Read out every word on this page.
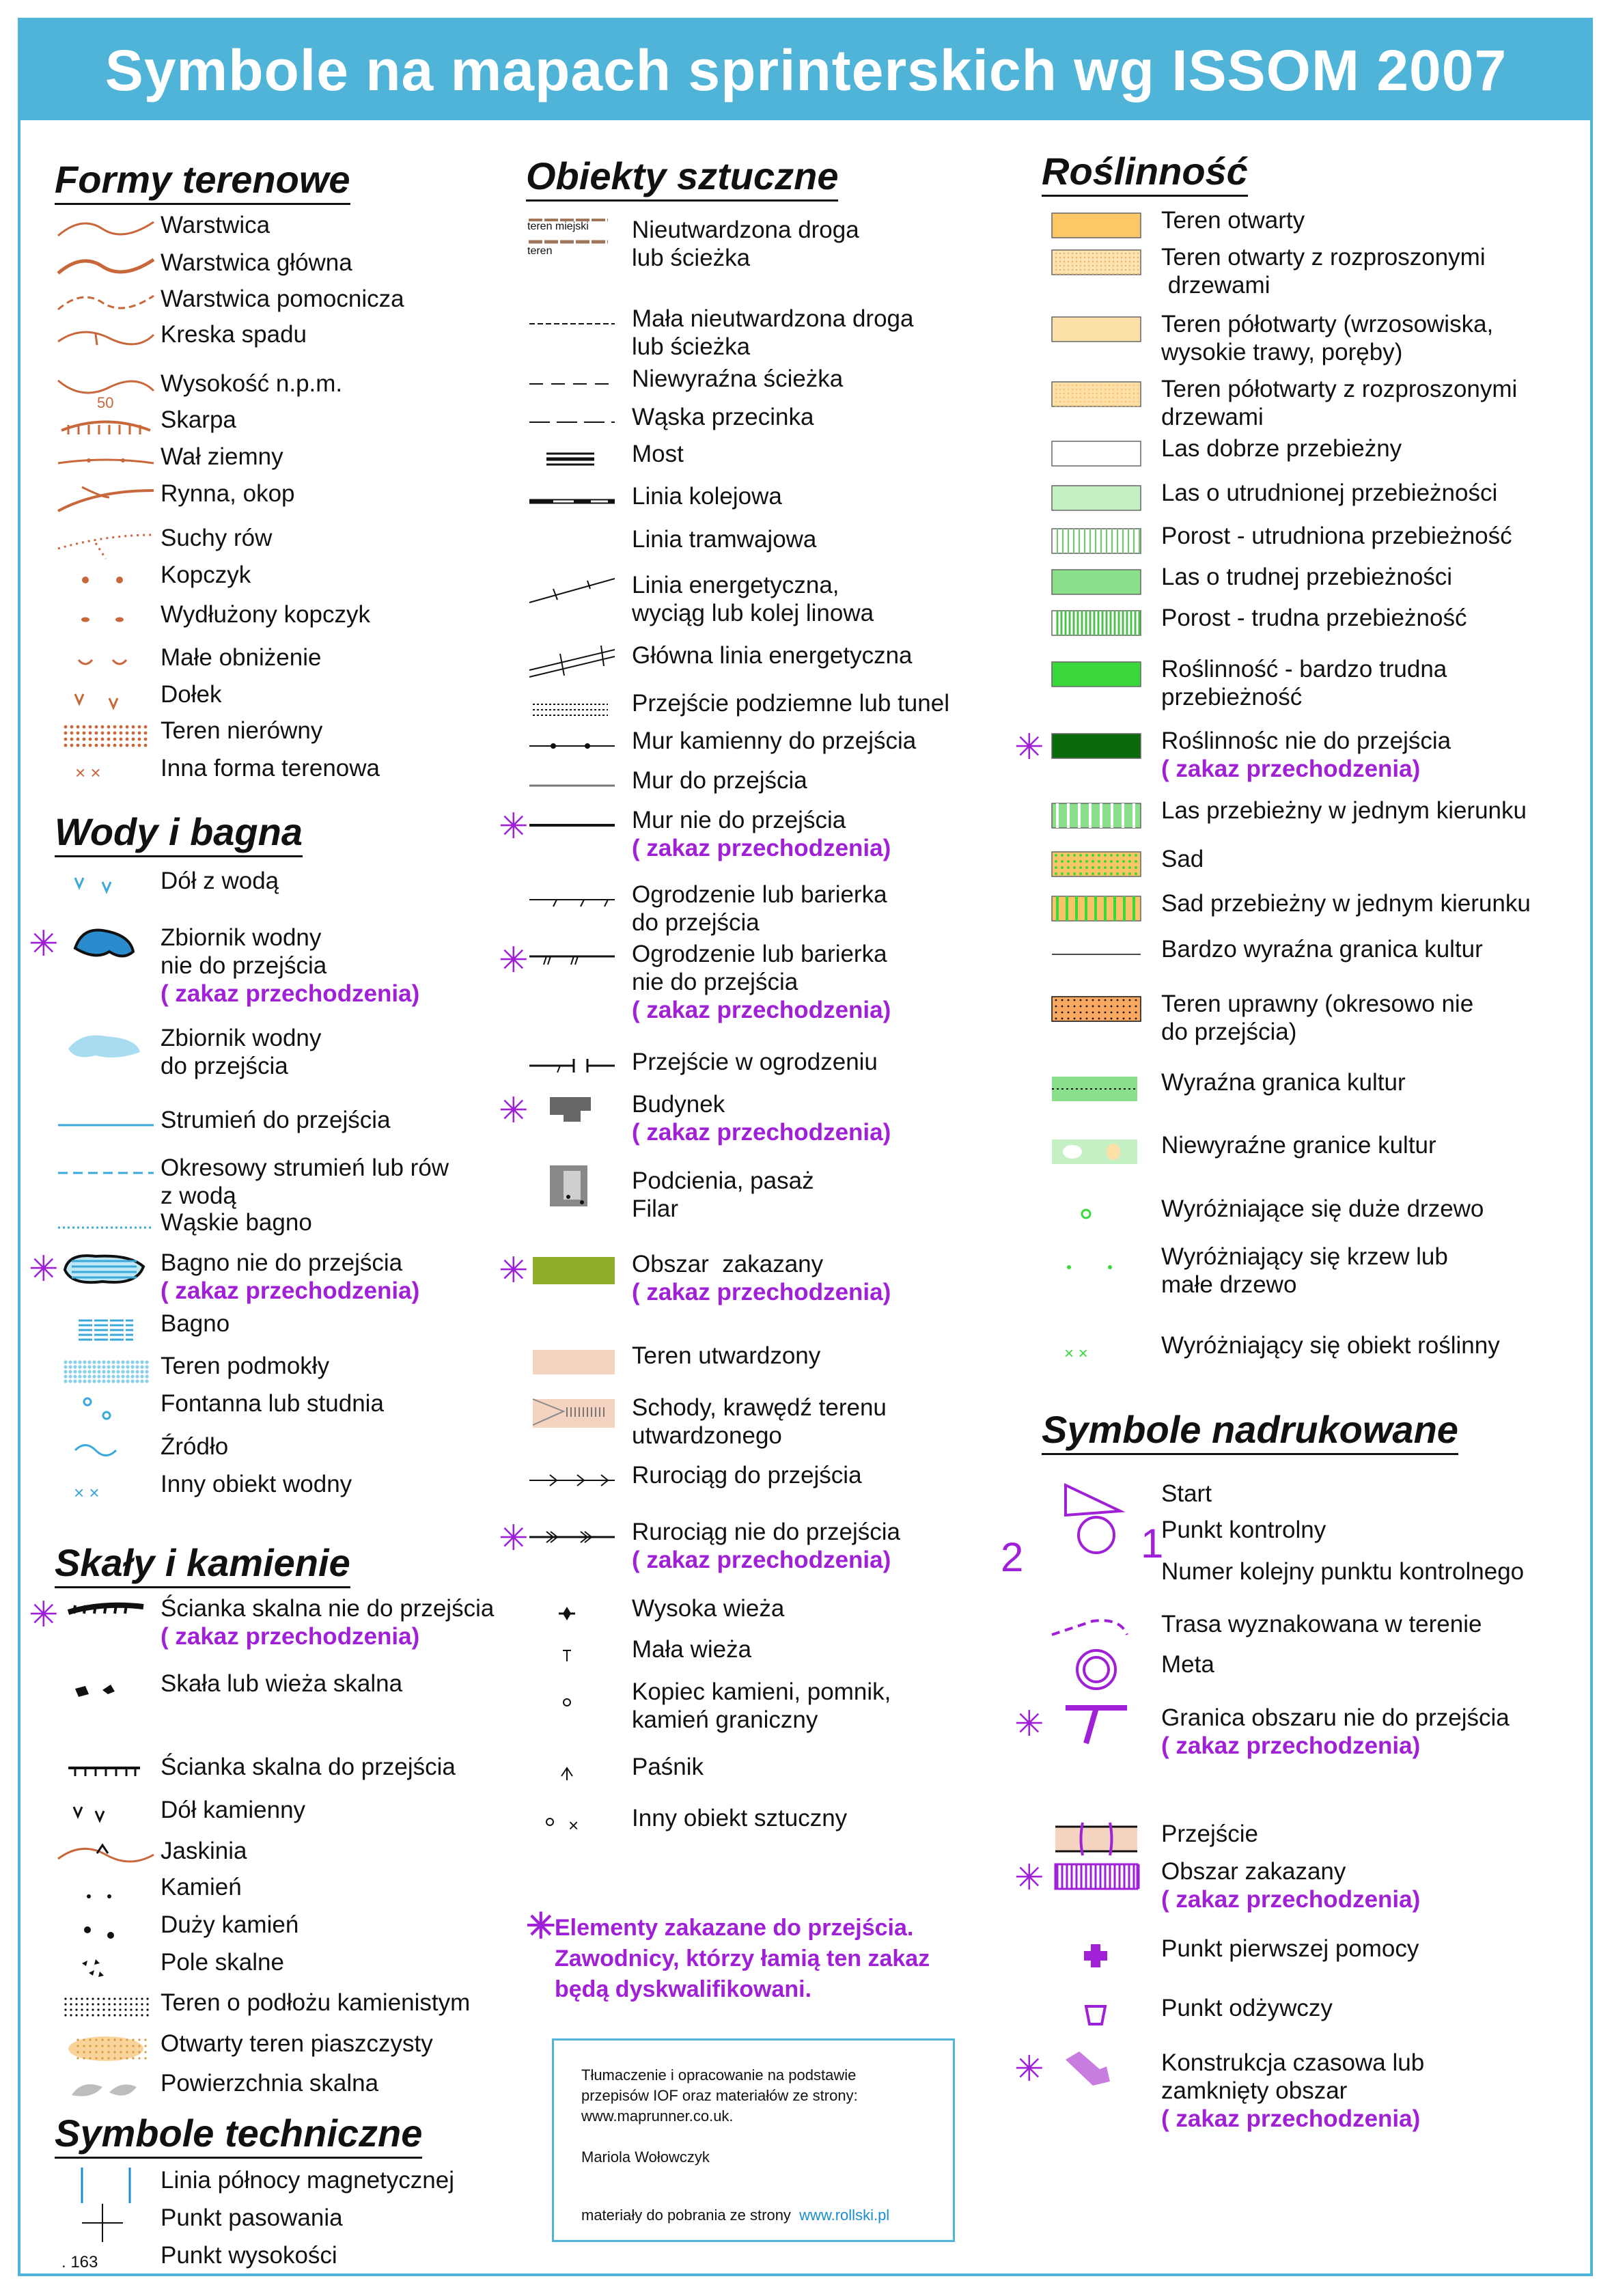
Symbole na mapach sprinterskich wg ISSOM 2007
Formy terenowe
Wody i bagna
Skały i kamienie
Symbole techniczne
Warstwica
Warstwica główna
Warstwica pomocnicza
Kreska spadu
50
Wysokość n.p.m.
Skarpa
Wał ziemny
Rynna, okop
Suchy rów
Kopczyk
Wydłużony kopczyk
Małe obniżenie
Dołek
Teren nierówny
× × Inna forma terenowa
Dół z wodą
Zbiornik wodny
nie do przejścia
( zakaz przechodzenia)
✳
Zbiornik wodny
do przejścia
Strumień do przejścia
Okresowy strumień lub rów
z wodą
Wąskie bagno
Bagno nie do przejścia
( zakaz przechodzenia)
✳
Bagno
Teren podmokły
Fontanna lub studnia
Źródło
× ×	Inny obiekt wodny
Ścianka skalna nie do przejścia
( zakaz przechodzenia)
✳
Skała lub wieża skalna
Ścianka skalna do przejścia
Dół kamienny
Jaskinia
Kamień
Duży kamień
Pole skalne
Teren o podłożu kamienistym
Otwarty teren piaszczysty
Powierzchnia skalna
Linia północy magnetycznej
Punkt pasowania
. 163	Punkt wysokości
Obiekty sztuczne
teren miejski
teren
Nieutwardzona droga
lub ścieżka
Mała nieutwardzona droga
lub ścieżka
Niewyraźna ścieżka
Wąska przecinka
Most
Linia kolejowa
Linia tramwajowa
Linia energetyczna,
wyciąg lub kolej linowa
Główna linia energetyczna
Przejście podziemne lub tunel
Mur kamienny do przejścia
Mur do przejścia
Mur nie do przejścia
( zakaz przechodzenia)
✳
Ogrodzenie lub barierka
do przejścia
Ogrodzenie lub barierka
nie do przejścia
( zakaz przechodzenia)
✳
Przejście w ogrodzeniu
Budynek
( zakaz przechodzenia)
✳
Podcienia, pasaż
Filar
Obszar  zakazany
( zakaz przechodzenia)
✳
Teren utwardzony
Schody, krawędź terenu
utwardzonego
Rurociąg do przejścia
Rurociąg nie do przejścia
( zakaz przechodzenia)
✳
Wysoka wieża
Mała wieża
Kopiec kamieni, pomnik,
kamień graniczny
Paśnik
× Inny obiekt sztuczny
Roślinność
Symbole nadrukowane
Teren otwarty
Teren otwarty z rozproszonymi
drzewami
Teren półotwarty (wrzosowiska,
wysokie trawy, poręby)
Teren półotwarty z rozproszonymi
drzewami
Las dobrze przebieżny
Las o utrudnionej przebieżności
Porost - utrudniona przebieżność
Las o trudnej przebieżności
Porost - trudna przebieżność
Roślinność - bardzo trudna
przebieżność
Roślinnośc nie do przejścia
( zakaz przechodzenia)
✳
Las przebieżny w jednym kierunku
Sad
Sad przebieżny w jednym kierunku
Bardzo wyraźna granica kultur
Teren uprawny (okresowo nie
do przejścia)
Wyraźna granica kultur
Niewyraźne granice kultur
Wyróżniające się duże drzewo
Wyróżniający się krzew lub
małe drzewo
× ×	Wyróżniający się obiekt roślinny
Start
Punkt kontrolny
Numer kolejny punktu kontrolnego
Trasa wyznakowana w terenie
Meta
Granica obszaru nie do przejścia
( zakaz przechodzenia)
✳
Przejście
Obszar zakazany
( zakaz przechodzenia)
✳
Punkt pierwszej pomocy
Punkt odżywczy
Konstrukcja czasowa lub
zamknięty obszar
( zakaz przechodzenia)
✳
2	1
✳
Elementy zakazane do przejścia.
Zawodnicy, którzy łamią ten zakaz
będą dyskwalifikowani.
Tłumaczenie i opracowanie na podstawie
przepisów IOF oraz materiałów ze strony:
www.maprunner.co.uk.
Mariola Wołowczyk
materiały do pobrania ze strony www.rollski.pl
